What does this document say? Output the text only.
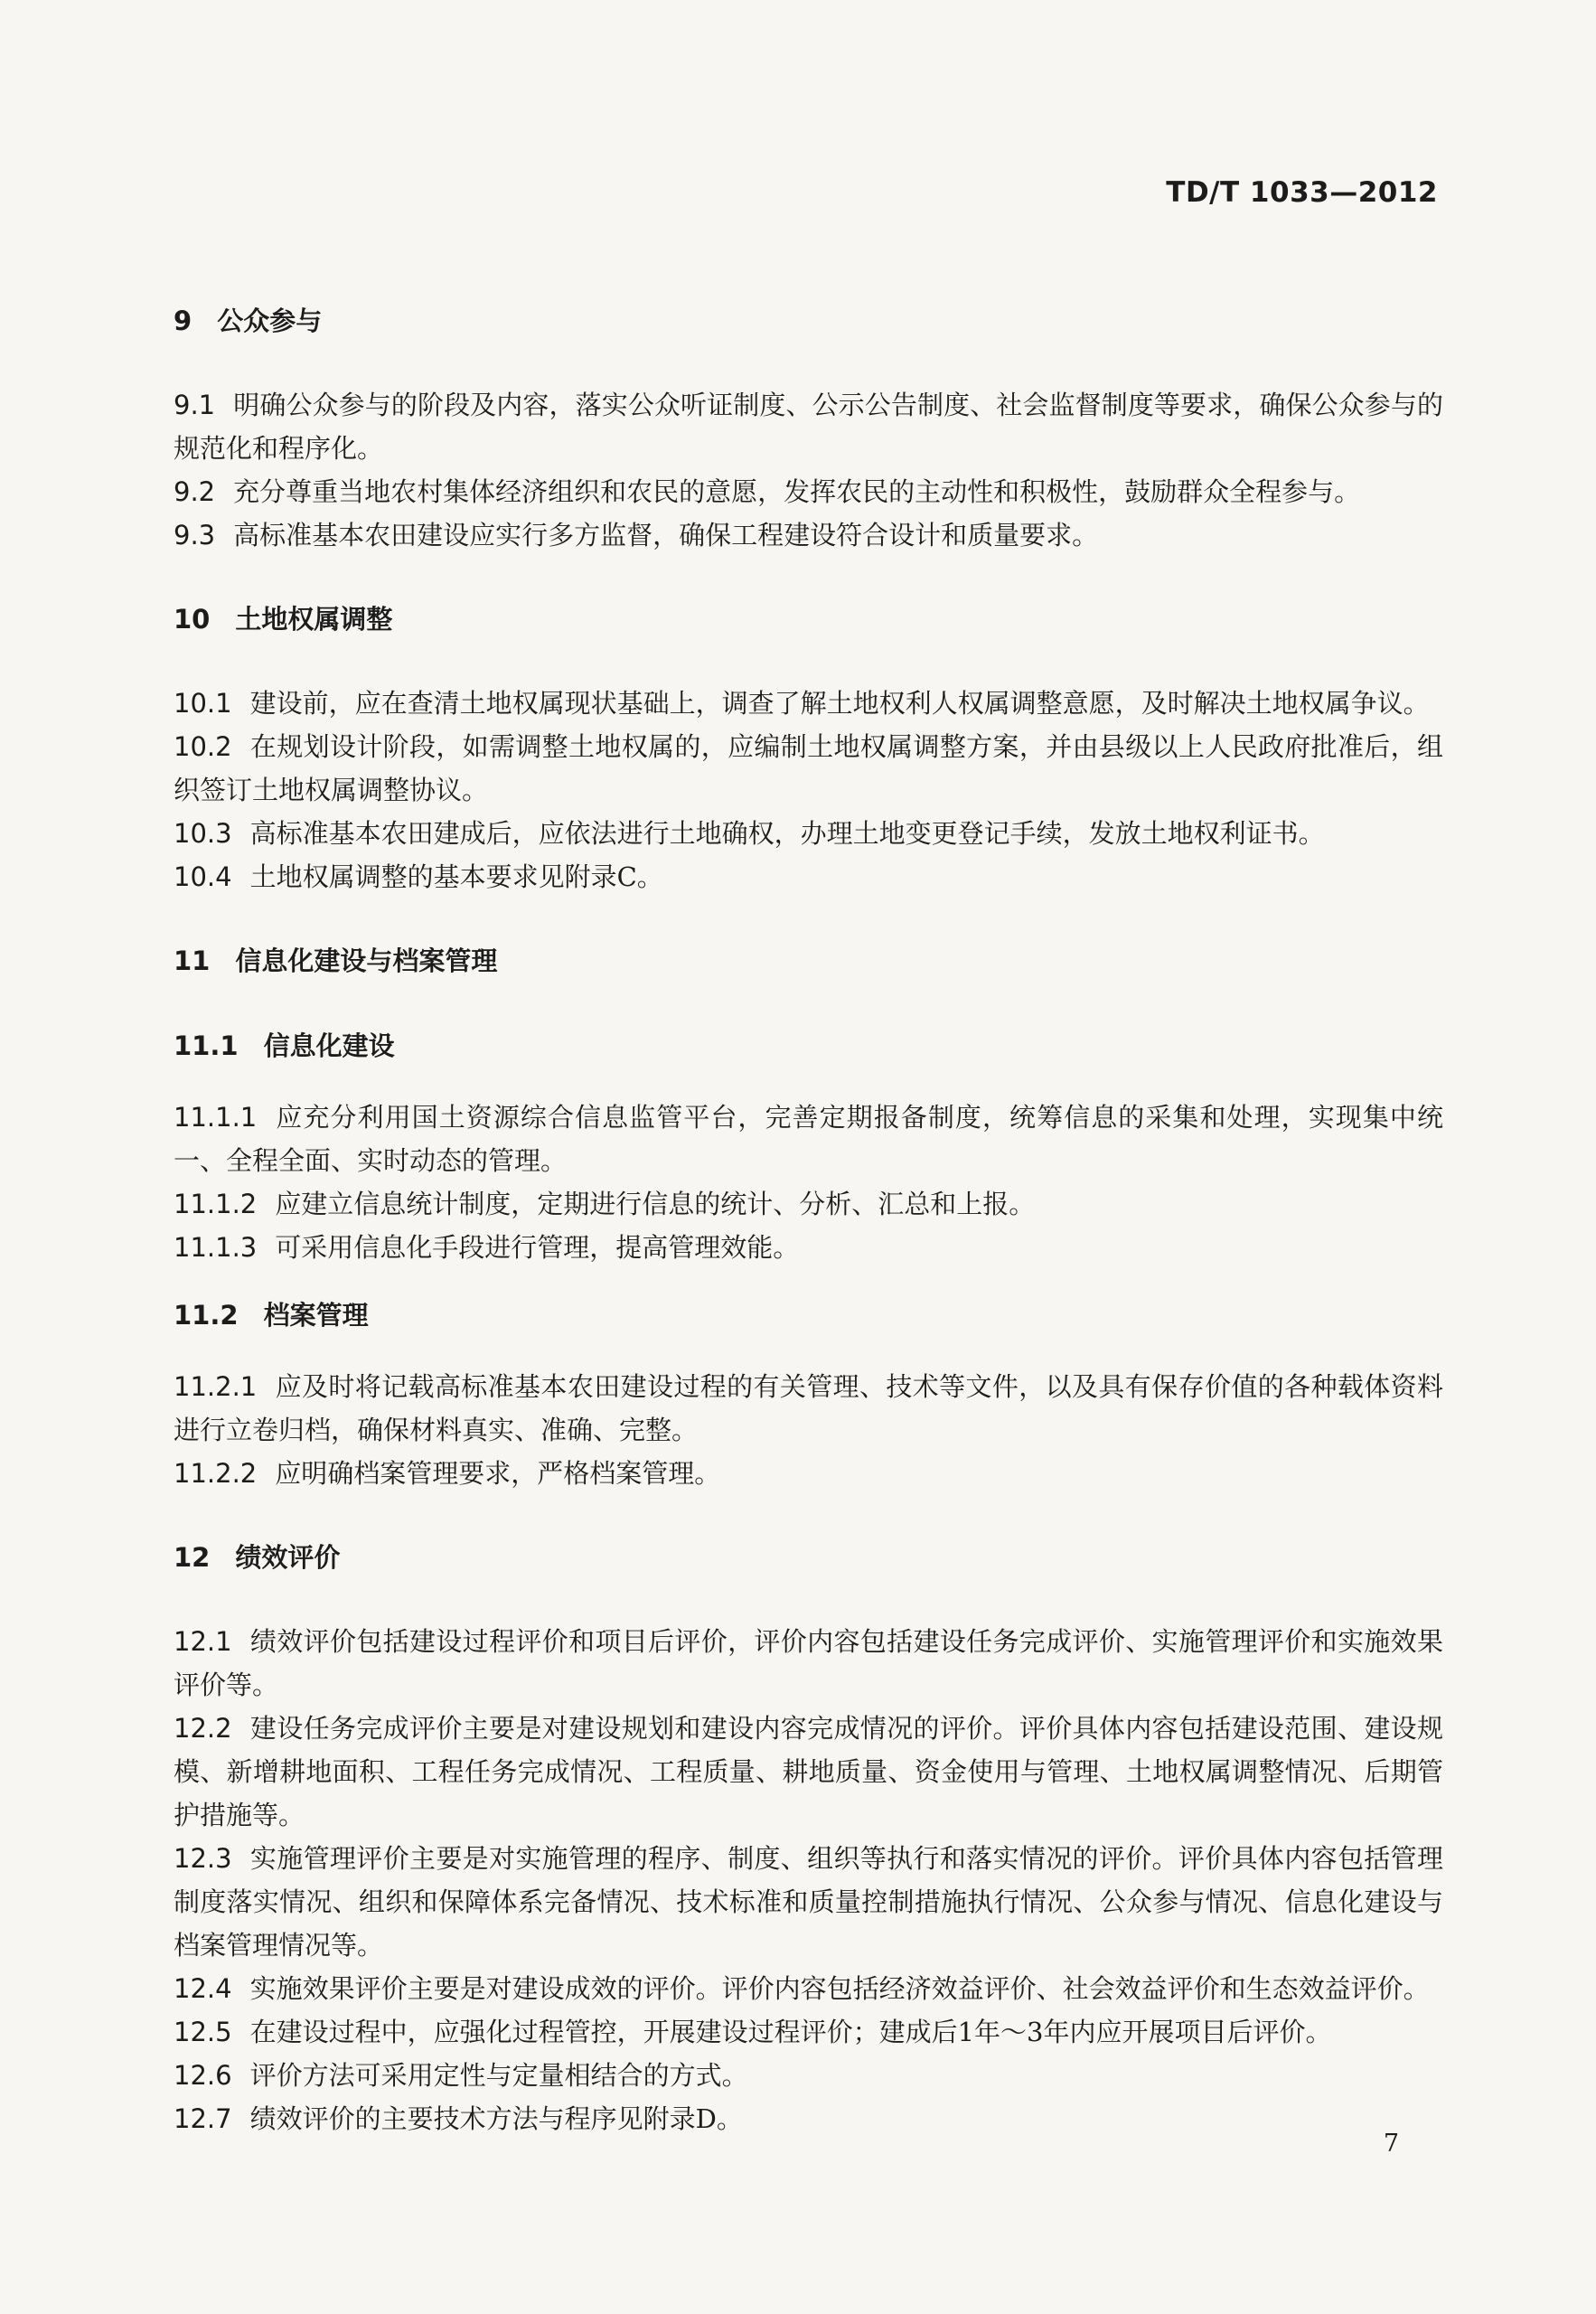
TD/T 1033—2012
9 公众参与

9.1 明确公众参与的阶段及内容，落实公众听证制度、公示公告制度、社会监督制度等要求，确保公众参与的规范化和程序化。

9.2 充分尊重当地农村集体经济组织和农民的意愿，发挥农民的主动性和积极性，鼓励群众全程参与。

9.3 高标准基本农田建设应实行多方监督，确保工程建设符合设计和质量要求。

10 土地权属调整

10.1 建设前，应在查清土地权属现状基础上，调查了解土地权利人权属调整意愿，及时解决土地权属争议。

10.2 在规划设计阶段，如需调整土地权属的，应编制土地权属调整方案，并由县级以上人民政府批准后，组织签订土地权属调整协议。

10.3 高标准基本农田建成后，应依法进行土地确权，办理土地变更登记手续，发放土地权利证书。

10.4 土地权属调整的基本要求见附录C。

11 信息化建设与档案管理
11.1 信息化建设

11.1.1 应充分利用国土资源综合信息监管平台，完善定期报备制度，统筹信息的采集和处理，实现集中统一、全程全面、实时动态的管理。

11.1.2 应建立信息统计制度，定期进行信息的统计、分析、汇总和上报。

11.1.3 可采用信息化手段进行管理，提高管理效能。

11.2 档案管理

11.2.1 应及时将记载高标准基本农田建设过程的有关管理、技术等文件，以及具有保存价值的各种载体资料进行立卷归档，确保材料真实、准确、完整。

11.2.2 应明确档案管理要求，严格档案管理。

12 绩效评价

12.1 绩效评价包括建设过程评价和项目后评价，评价内容包括建设任务完成评价、实施管理评价和实施效果评价等。

12.2 建设任务完成评价主要是对建设规划和建设内容完成情况的评价。评价具体内容包括建设范围、建设规模、新增耕地面积、工程任务完成情况、工程质量、耕地质量、资金使用与管理、土地权属调整情况、后期管护措施等。

12.3 实施管理评价主要是对实施管理的程序、制度、组织等执行和落实情况的评价。评价具体内容包括管理制度落实情况、组织和保障体系完备情况、技术标准和质量控制措施执行情况、公众参与情况、信息化建设与档案管理情况等。

12.4 实施效果评价主要是对建设成效的评价。评价内容包括经济效益评价、社会效益评价和生态效益评价。

12.5 在建设过程中，应强化过程管控，开展建设过程评价；建成后1年～3年内应开展项目后评价。

12.6 评价方法可采用定性与定量相结合的方式。

12.7 绩效评价的主要技术方法与程序见附录D。

7
